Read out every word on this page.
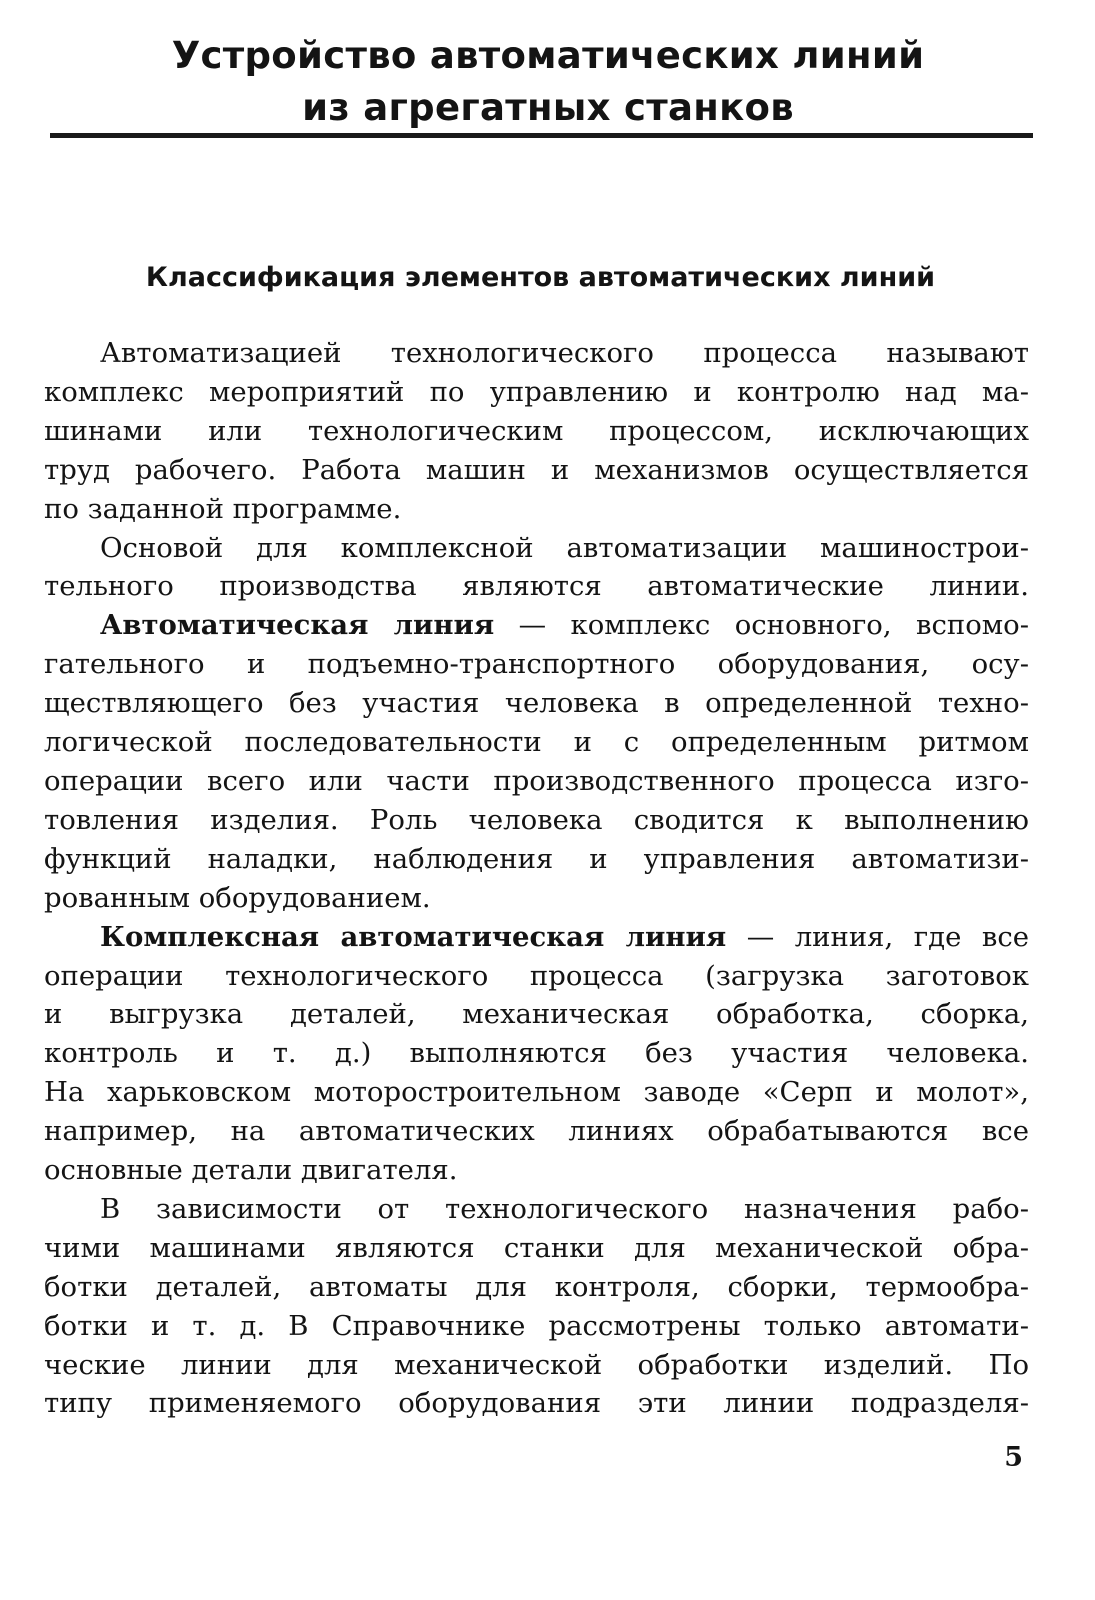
Устройство автоматических линий
из агрегатных станков
Классификация элементов автоматических линий

Автоматизацией технологического процесса называют
комплекс мероприятий по управлению и контролю над ма-
шинами или технологическим процессом, исключающих
труд рабочего. Работа машин и механизмов осуществляется
по заданной программе.

Основой для комплексной автоматизации машинострои-
тельного производства являются автоматические линии.

Автоматическая линия — комплекс основного, вспомо-
гательного и подъемно-транспортного оборудования, осу-
ществляющего без участия человека в определенной техно-
логической последовательности и с определенным ритмом
операции всего или части производственного процесса изго-
товления изделия. Роль человека сводится к выполнению
функций наладки, наблюдения и управления автоматизи-
рованным оборудованием.

Комплексная автоматическая линия — линия, где все
операции технологического процесса (загрузка заготовок
и выгрузка деталей, механическая обработка, сборка,
контроль и т. д.) выполняются без участия человека.
На харьковском моторостроительном заводе «Серп и молот»,
например, на автоматических линиях обрабатываются все
основные детали двигателя.

В зависимости от технологического назначения рабо-
чими машинами являются станки для механической обра-
ботки деталей, автоматы для контроля, сборки, термообра-
ботки и т. д. В Справочнике рассмотрены только автомати-
ческие линии для механической обработки изделий. По
типу применяемого оборудования эти линии подразделя-

5
